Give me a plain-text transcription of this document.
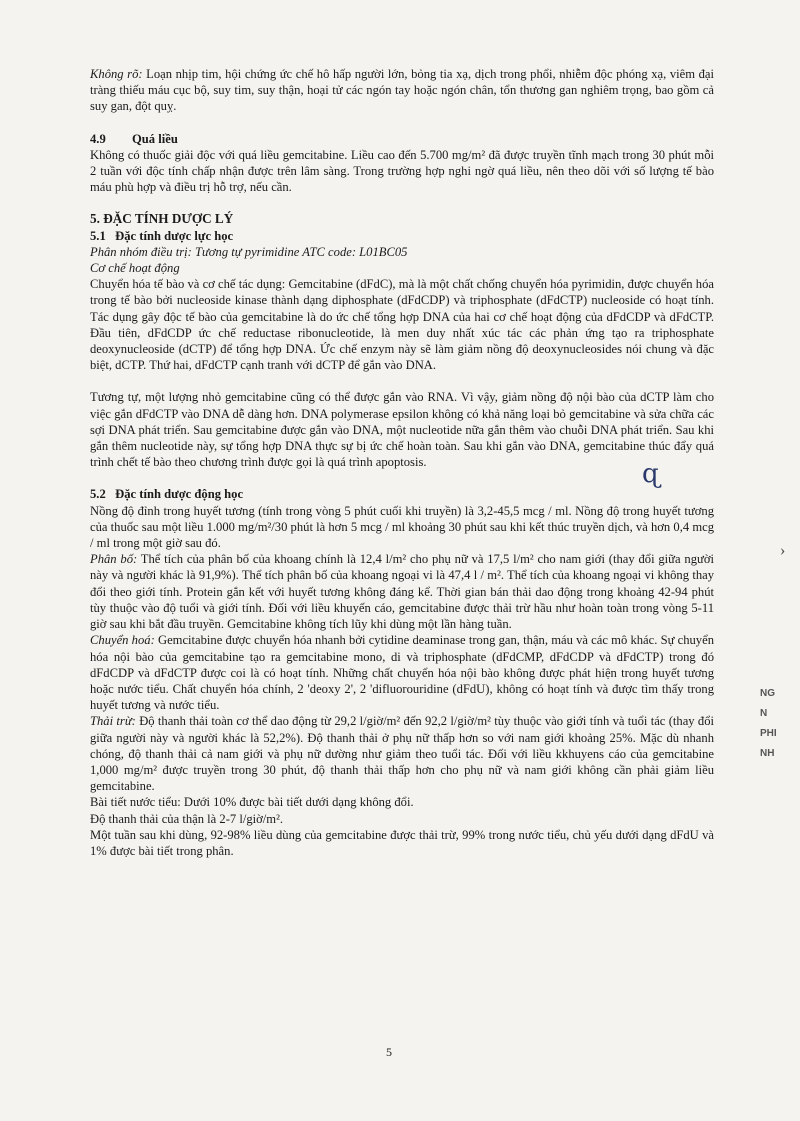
Không rõ: Loạn nhịp tim, hội chứng ức chế hô hấp người lớn, bỏng tia xạ, dịch trong phổi, nhiễm độc phóng xạ, viêm đại tràng thiếu máu cục bộ, suy tim, suy thận, hoại tử các ngón tay hoặc ngón chân, tổn thương gan nghiêm trọng, bao gồm cả suy gan, đột quỵ.

4.9 Quá liều

Không có thuốc giải độc với quá liều gemcitabine. Liều cao đến 5.700 mg/m² đã được truyền tĩnh mạch trong 30 phút mỗi 2 tuần với độc tính chấp nhận được trên lâm sàng. Trong trường hợp nghi ngờ quá liều, nên theo dõi với số lượng tế bào máu phù hợp và điều trị hỗ trợ, nếu cần.

5. ĐẶC TÍNH DƯỢC LÝ

5.1 Đặc tính dược lực học

Phân nhóm điều trị: Tương tự pyrimidine ATC code: L01BC05

Cơ chế hoạt động

Chuyển hóa tế bào và cơ chế tác dụng: Gemcitabine (dFdC), mà là một chất chống chuyển hóa pyrimidin, được chuyển hóa trong tế bào bởi nucleoside kinase thành dạng diphosphate (dFdCDP) và triphosphate (dFdCTP) nucleoside có hoạt tính. Tác dụng gây độc tế bào của gemcitabine là do ức chế tổng hợp DNA của hai cơ chế hoạt động của dFdCDP và dFdCTP. Đầu tiên, dFdCDP ức chế reductase ribonucleotide, là men duy nhất xúc tác các phản ứng tạo ra triphosphate deoxynucleoside (dCTP) để tổng hợp DNA. Ức chế enzym này sẽ làm giảm nồng độ deoxynucleosides nói chung và đặc biệt, dCTP. Thứ hai, dFdCTP cạnh tranh với dCTP để gắn vào DNA.

Tương tự, một lượng nhỏ gemcitabine cũng có thể được gắn vào RNA. Vì vậy, giảm nồng độ nội bào của dCTP làm cho việc gắn dFdCTP vào DNA dễ dàng hơn. DNA polymerase epsilon không có khả năng loại bỏ gemcitabine và sửa chữa các sợi DNA phát triển. Sau gemcitabine được gắn vào DNA, một nucleotide nữa gắn thêm vào chuỗi DNA phát triển. Sau khi gắn thêm nucleotide này, sự tổng hợp DNA thực sự bị ức chế hoàn toàn. Sau khi gắn vào DNA, gemcitabine thúc đẩy quá trình chết tế bào theo chương trình được gọi là quá trình apoptosis.

5.2 Đặc tính dược động học

Nồng độ đỉnh trong huyết tương (tính trong vòng 5 phút cuối khi truyền) là 3,2-45,5 mcg / ml. Nồng độ trong huyết tương của thuốc sau một liều 1.000 mg/m²/30 phút là hơn 5 mcg / ml khoảng 30 phút sau khi kết thúc truyền dịch, và hơn 0,4 mcg / ml trong một giờ sau đó.

Phân bố: Thể tích của phân bố của khoang chính là 12,4 l/m² cho phụ nữ và 17,5 l/m² cho nam giới (thay đổi giữa người này và người khác là 91,9%). Thể tích phân bố của khoang ngoại vi là 47,4 l / m². Thể tích của khoang ngoại vi không thay đổi theo giới tính. Protein gắn kết với huyết tương không đáng kể. Thời gian bán thải dao động trong khoảng 42-94 phút tùy thuộc vào độ tuổi và giới tính. Đối với liều khuyến cáo, gemcitabine được thải trừ hầu như hoàn toàn trong vòng 5-11 giờ sau khi bắt đầu truyền. Gemcitabine không tích lũy khi dùng một lần hàng tuần.

Chuyển hoá: Gemcitabine được chuyển hóa nhanh bởi cytidine deaminase trong gan, thận, máu và các mô khác. Sự chuyển hóa nội bào của gemcitabine tạo ra gemcitabine mono, di và triphosphate (dFdCMP, dFdCDP và dFdCTP) trong đó dFdCDP và dFdCTP được coi là có hoạt tính. Những chất chuyển hóa nội bào không được phát hiện trong huyết tương hoặc nước tiểu. Chất chuyển hóa chính, 2 'deoxy 2', 2 'difluorouridine (dFdU), không có hoạt tính và được tìm thấy trong huyết tương và nước tiểu.

Thải trừ: Độ thanh thải toàn cơ thể dao động từ 29,2 l/giờ/m² đến 92,2 l/giờ/m² tùy thuộc vào giới tính và tuổi tác (thay đổi giữa người này và người khác là 52,2%). Độ thanh thải ở phụ nữ thấp hơn so với nam giới khoảng 25%. Mặc dù nhanh chóng, độ thanh thải cả nam giới và phụ nữ dường như giảm theo tuổi tác. Đối với liều kkhuyens cáo của gemcitabine 1,000 mg/m² được truyền trong 30 phút, độ thanh thải thấp hơn cho phụ nữ và nam giới không cần phải giảm liều gemcitabine.

Bài tiết nước tiểu: Dưới 10% được bài tiết dưới dạng không đổi.

Độ thanh thải của thận là 2-7 l/giờ/m².

Một tuần sau khi dùng, 92-98% liều dùng của gemcitabine được thải trừ, 99% trong nước tiểu, chủ yếu dưới dạng dFdU và 1% được bài tiết trong phân.

ɋ
›
NG
N
PHI
NH
5
